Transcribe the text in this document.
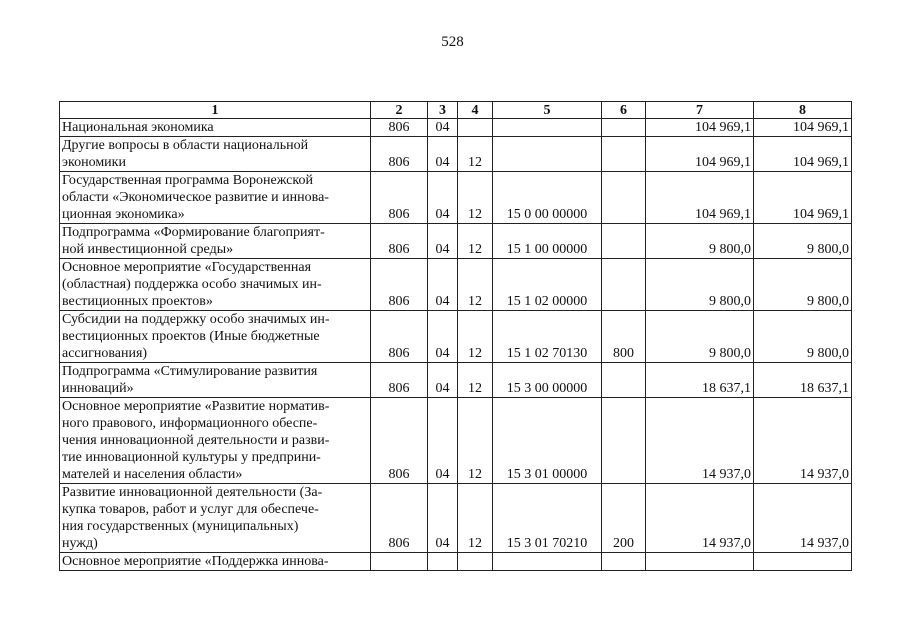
528
1	2	3	4	5	6	7	8
Национальная экономика	806	04				104 969,1	104 969,1
Другие вопросы в области национальной
экономики	806	04	12			104 969,1	104 969,1
Государственная программа Воронежской
области «Экономическое развитие и иннова-
ционная экономика»	806	04	12	15 0 00 00000		104 969,1	104 969,1
Подпрограмма «Формирование благоприят-
ной инвестиционной среды»	806	04	12	15 1 00 00000		9 800,0	9 800,0
Основное мероприятие «Государственная
(областная) поддержка особо значимых ин-
вестиционных проектов»	806	04	12	15 1 02 00000		9 800,0	9 800,0
Субсидии на поддержку особо значимых ин-
вестиционных проектов (Иные бюджетные
ассигнования)	806	04	12	15 1 02 70130	800	9 800,0	9 800,0
Подпрограмма «Стимулирование развития
инноваций»	806	04	12	15 3 00 00000		18 637,1	18 637,1
Основное мероприятие «Развитие норматив-
ного правового, информационного обеспе-
чения инновационной деятельности и разви-
тие инновационной культуры у предприни-
мателей и населения области»	806	04	12	15 3 01 00000		14 937,0	14 937,0
Развитие инновационной деятельности (За-
купка товаров, работ и услуг для обеспече-
ния государственных (муниципальных)
нужд)	806	04	12	15 3 01 70210	200	14 937,0	14 937,0
Основное мероприятие «Поддержка иннова-							
